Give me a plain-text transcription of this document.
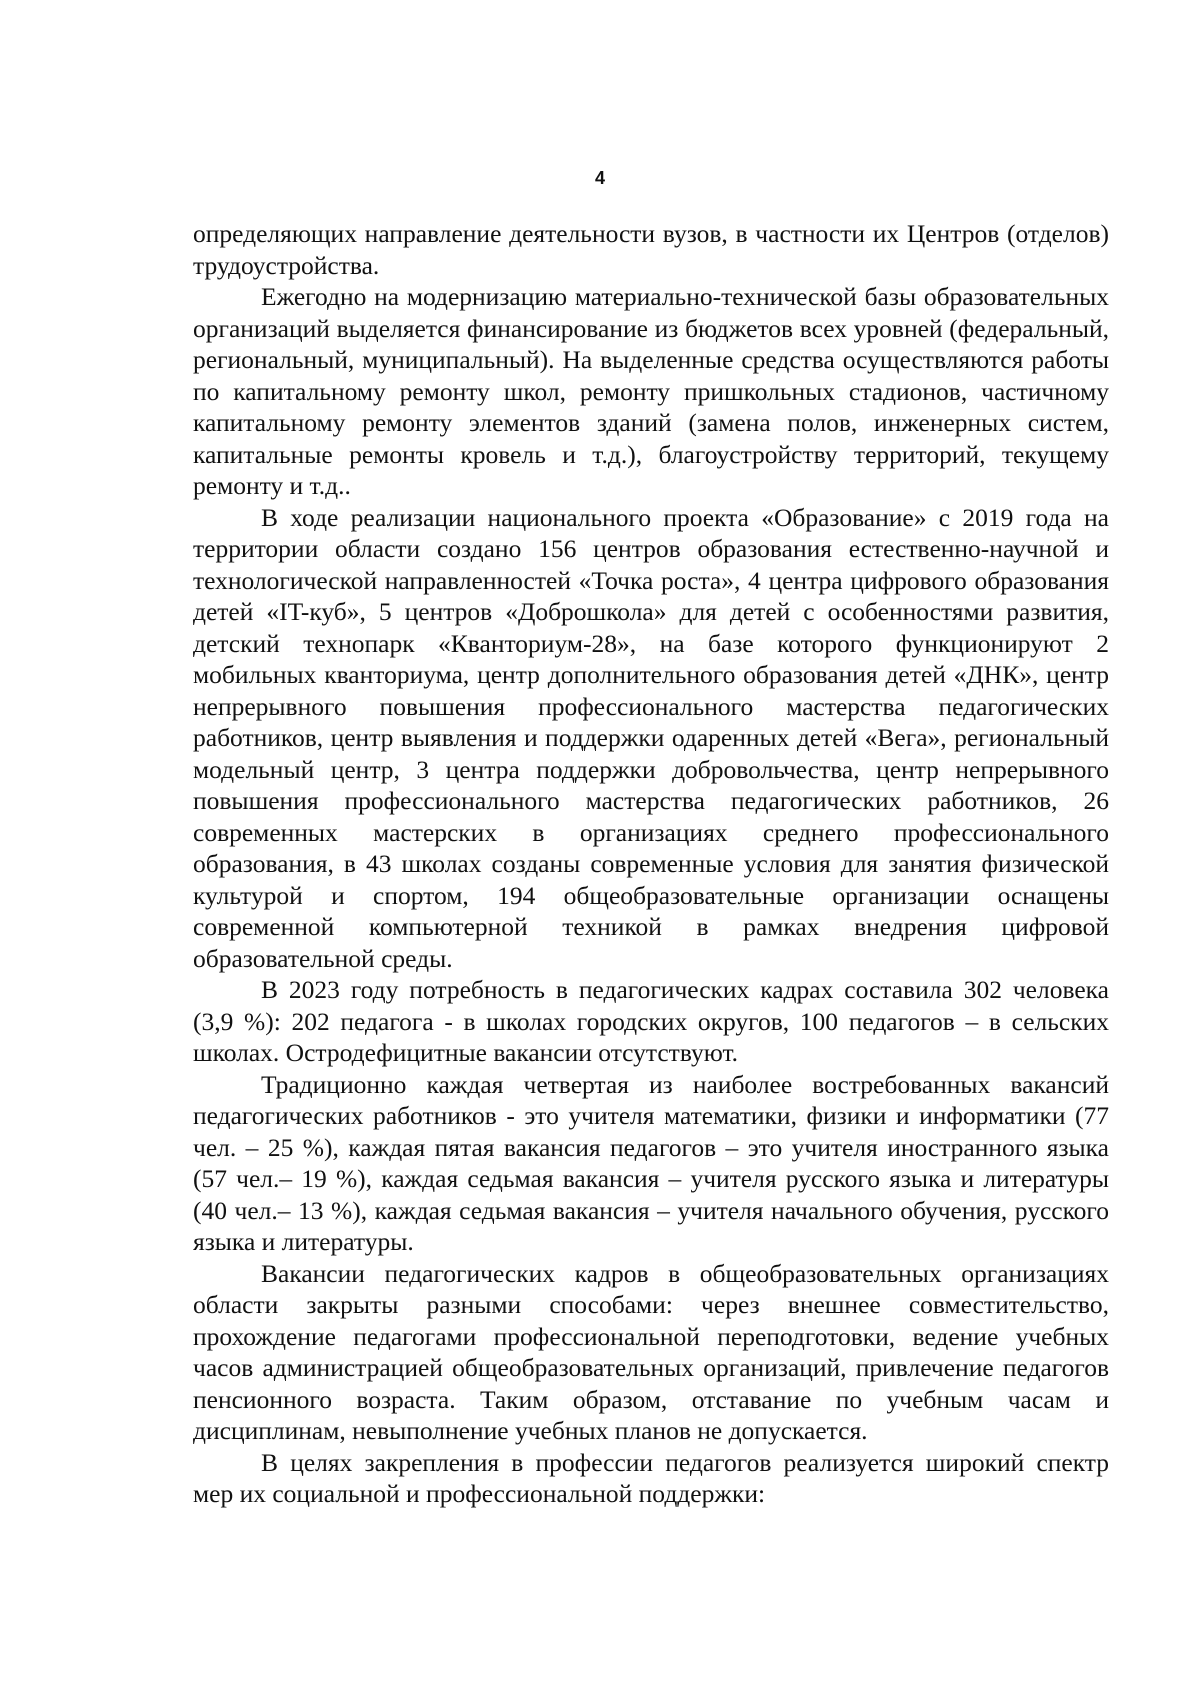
4

определяющих направление деятельности вузов, в частности их Центров (отделов) трудоустройства.

Ежегодно на модернизацию материально-технической базы образовательных организаций выделяется финансирование из бюджетов всех уровней (федеральный, региональный, муниципальный). На выделенные средства осуществляются работы по капитальному ремонту школ, ремонту пришкольных стадионов, частичному капитальному ремонту элементов зданий (замена полов, инженерных систем, капитальные ремонты кровель и т.д.), благоустройству территорий, текущему ремонту и т.д..

В ходе реализации национального проекта «Образование» с 2019 года на территории области создано 156 центров образования естественно-научной и технологической направленностей «Точка роста», 4 центра цифрового образования детей «IT-куб», 5 центров «Доброшкола» для детей с особенностями развития, детский технопарк «Кванториум-28», на базе которого функционируют 2 мобильных кванториума, центр дополнительного образования детей «ДНК», центр непрерывного повышения профессионального мастерства педагогических работников, центр выявления и поддержки одаренных детей «Вега», региональный модельный центр, 3 центра поддержки добровольчества, центр непрерывного повышения профессионального мастерства педагогических работников, 26 современных мастерских в организациях среднего профессионального образования, в 43 школах созданы современные условия для занятия физической культурой и спортом, 194 общеобразовательные организации оснащены современной компьютерной техникой в рамках внедрения цифровой образовательной среды.

В 2023 году потребность в педагогических кадрах составила 302 человека (3,9 %): 202 педагога - в школах городских округов, 100 педагогов – в сельских школах. Остродефицитные вакансии отсутствуют.

Традиционно каждая четвертая из наиболее востребованных вакансий педагогических работников - это учителя математики, физики и информатики (77 чел. – 25 %), каждая пятая вакансия педагогов – это учителя иностранного языка (57 чел.– 19 %), каждая седьмая вакансия – учителя русского языка и литературы (40 чел.– 13 %), каждая седьмая вакансия – учителя начального обучения, русского языка и литературы.

Вакансии педагогических кадров в общеобразовательных организациях области закрыты разными способами: через внешнее совместительство, прохождение педагогами профессиональной переподготовки, ведение учебных часов администрацией общеобразовательных организаций, привлечение педагогов пенсионного возраста. Таким образом, отставание по учебным часам и дисциплинам, невыполнение учебных планов не допускается.

В целях закрепления в профессии педагогов реализуется широкий спектр мер их социальной и профессиональной поддержки:
